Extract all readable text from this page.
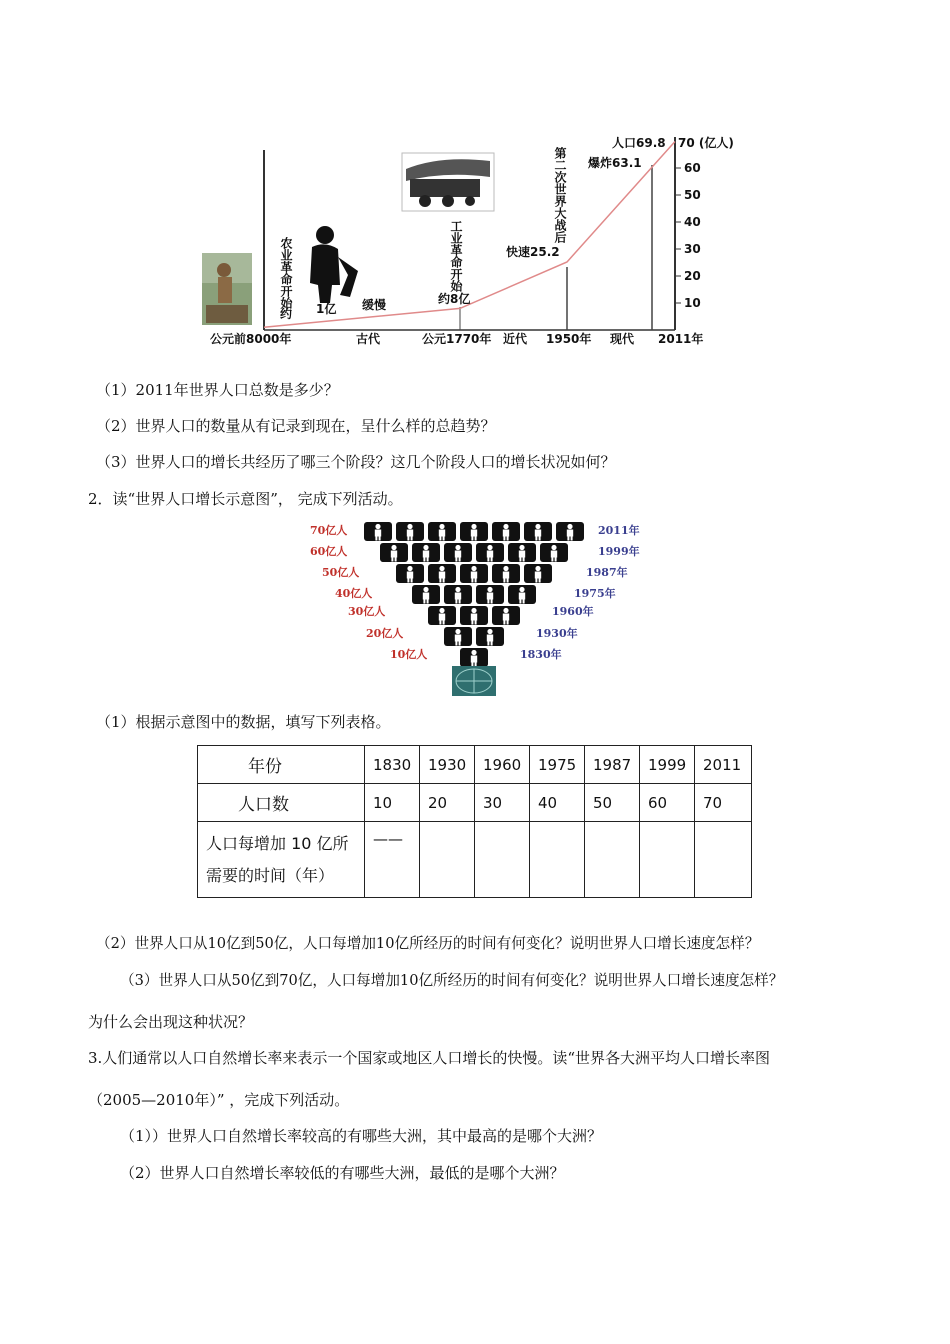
10
20
30
40
50
60
70 (亿人)
农业革命开始	工业革命开始
第二次世界大战后
约 1亿 缓慢	约8亿
快速25.2
爆炸63.1
人口69.8
公元前8000年	古代	公元1770年 近代 1950年 现代 2011年
（1）2011年世界人口总数是多少？
（2）世界人口的数量从有记录到现在，呈什么样的总趋势？
（3）世界人口的增长共经历了哪三个阶段？这几个阶段人口的增长状况如何？
2．读“世界人口增长示意图”， 完成下列活动。
70亿人
60亿人
50亿人
40亿人
30亿人
20亿人
10亿人
2011年
1999年
1987年
1975年
1960年
1930年
1830年
（1）根据示意图中的数据，填写下列表格。
年份	1830	1930	1960	1975	1987	1999	2011
人口数	10	20	30	40	50	60	70

人口每增加 10 亿所
需要的时间（年）	——						
（2）世界人口从10亿到50亿，人口每增加10亿所经历的时间有何变化？说明世界人口增长速度怎样？
（3）世界人口从50亿到70亿，人口每增加10亿所经历的时间有何变化？说明世界人口增长速度怎样？
为什么会出现这种状况？
3.人们通常以人口自然增长率来表示一个国家或地区人口增长的快慢。读“世界各大洲平均人口增长率图
（2005—2010年）” ，完成下列活动。
（1））世界人口自然增长率较高的有哪些大洲，其中最高的是哪个大洲？
（2）世界人口自然增长率较低的有哪些大洲，最低的是哪个大洲？
